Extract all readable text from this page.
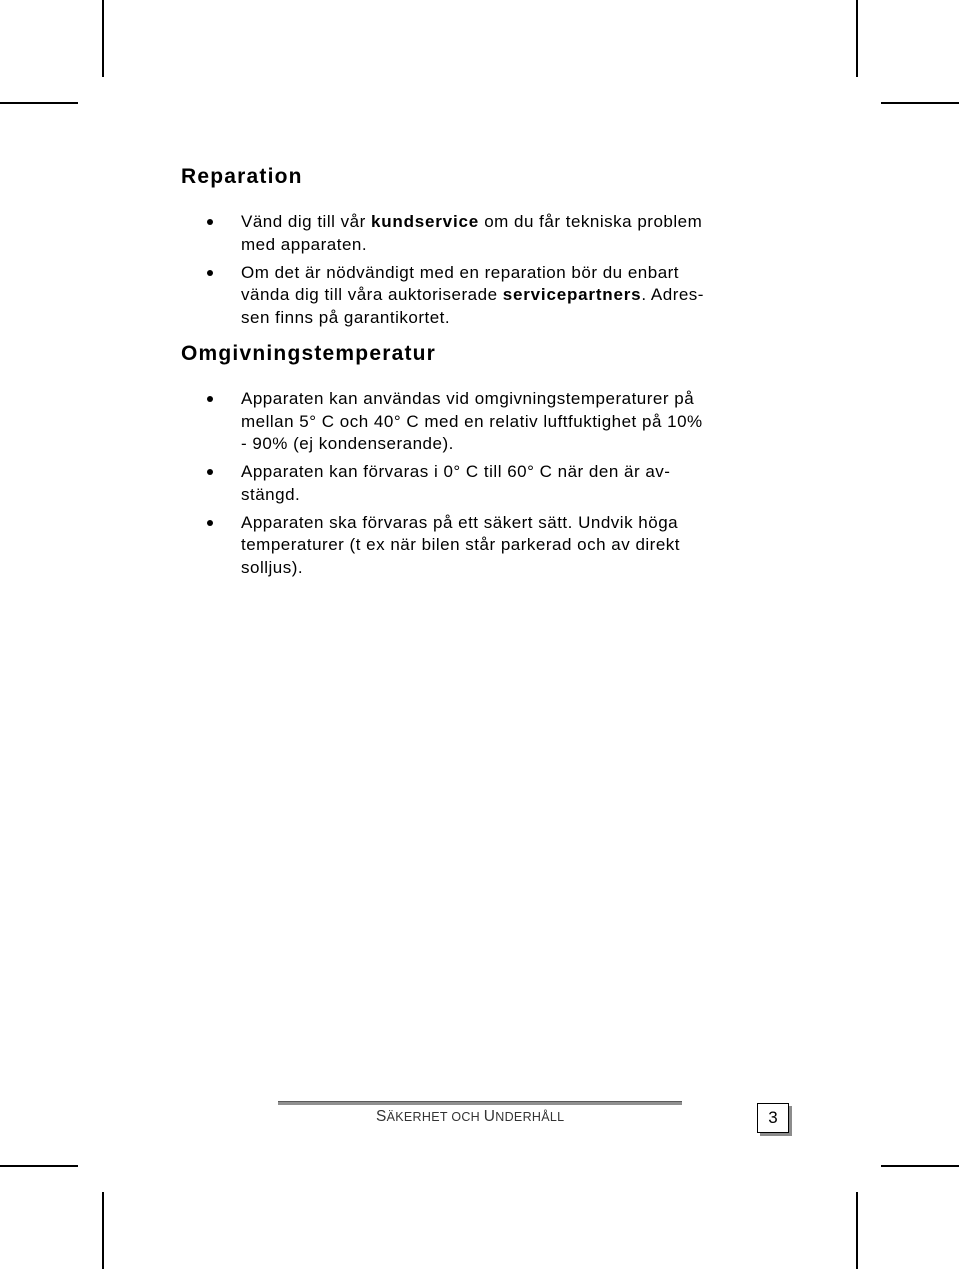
Reparation
Vänd dig till vår kundservice om du får tekniska problem
med apparaten.
Om det är nödvändigt med en reparation bör du enbart
vända dig till våra auktoriserade servicepartners. Adres-
sen finns på garantikortet.
Omgivningstemperatur
Apparaten kan användas vid omgivningstemperaturer på
mellan 5° C och 40° C med en relativ luftfuktighet på 10%
- 90% (ej kondenserande).
Apparaten kan förvaras i 0° C till 60° C när den är av-
stängd.
Apparaten ska förvaras på ett säkert sätt. Undvik höga
temperaturer (t ex när bilen står parkerad och av direkt
solljus).
SÄKERHET OCH UNDERHÅLL	3
